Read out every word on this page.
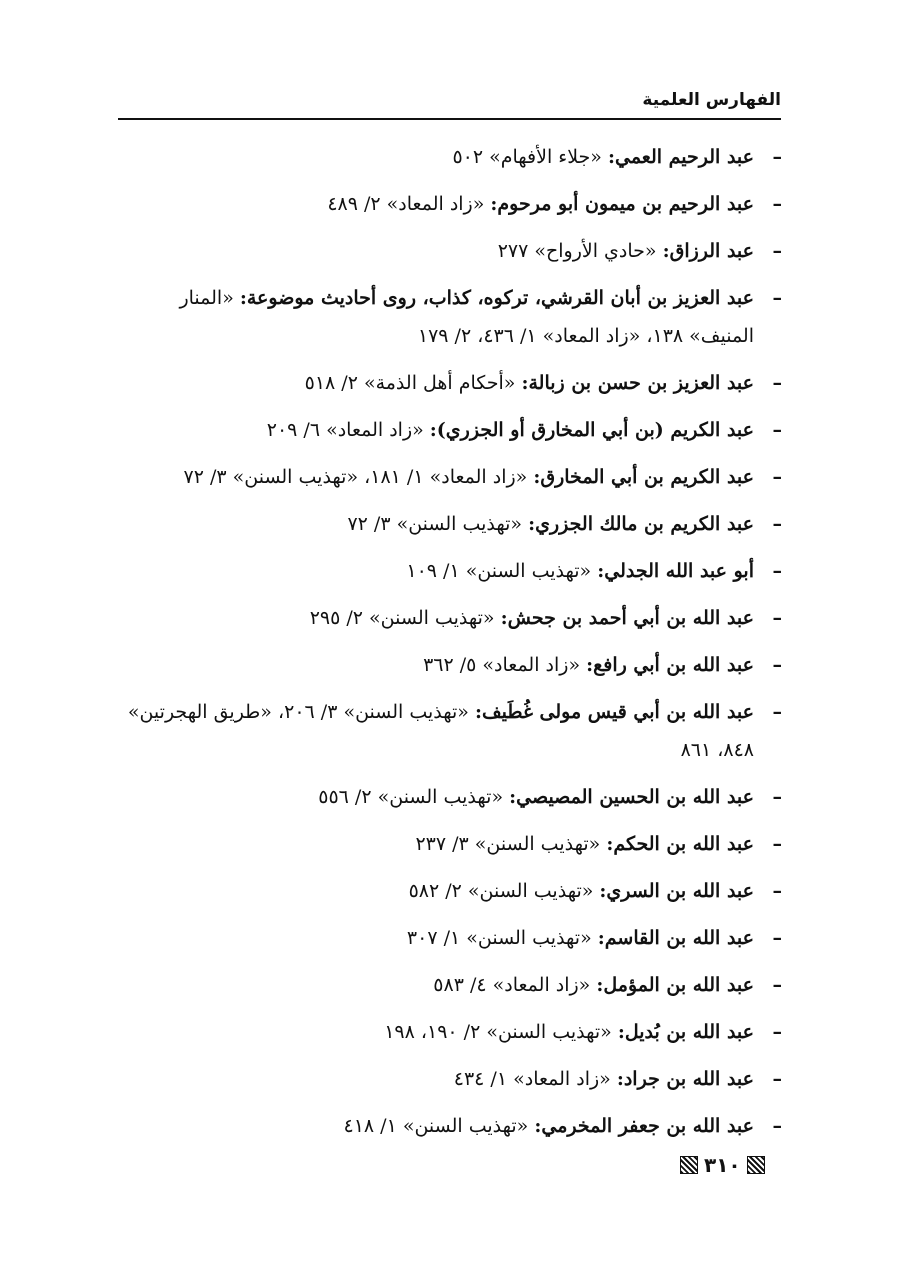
الفهارس العلمية
–
عبد الرحيم العمي: «جلاء الأفهام» ٥٠٢
–
عبد الرحيم بن ميمون أبو مرحوم: «زاد المعاد» ٢/ ٤٨٩
–
عبد الرزاق: «حادي الأرواح» ٢٧٧
–
عبد العزيز بن أبان القرشي، تركوه، كذاب، روى أحاديث موضوعة: «المنار المنيف» ١٣٨، «زاد المعاد» ١/ ٤٣٦، ٢/ ١٧٩
–
عبد العزيز بن حسن بن زبالة: «أحكام أهل الذمة» ٢/ ٥١٨
–
عبد الكريم (بن أبي المخارق أو الجزري): «زاد المعاد» ٦/ ٢٠٩
–
عبد الكريم بن أبي المخارق: «زاد المعاد» ١/ ١٨١، «تهذيب السنن» ٣/ ٧٢
–
عبد الكريم بن مالك الجزري: «تهذيب السنن» ٣/ ٧٢
–
أبو عبد الله الجدلي: «تهذيب السنن» ١/ ١٠٩
–
عبد الله بن أبي أحمد بن جحش: «تهذيب السنن» ٢/ ٢٩٥
–
عبد الله بن أبي رافع: «زاد المعاد» ٥/ ٣٦٢
–
عبد الله بن أبي قيس مولى غُطَيف: «تهذيب السنن» ٣/ ٢٠٦، «طريق الهجرتين» ٨٤٨، ٨٦١
–
عبد الله بن الحسين المصيصي: «تهذيب السنن» ٢/ ٥٥٦
–
عبد الله بن الحكم: «تهذيب السنن» ٣/ ٢٣٧
–
عبد الله بن السري: «تهذيب السنن» ٢/ ٥٨٢
–
عبد الله بن القاسم: «تهذيب السنن» ١/ ٣٠٧
–
عبد الله بن المؤمل: «زاد المعاد» ٤/ ٥٨٣
–
عبد الله بن بُديل: «تهذيب السنن» ٢/ ١٩٠، ١٩٨
–
عبد الله بن جراد: «زاد المعاد» ١/ ٤٣٤
–
عبد الله بن جعفر المخرمي: «تهذيب السنن» ١/ ٤١٨
٣١٠
